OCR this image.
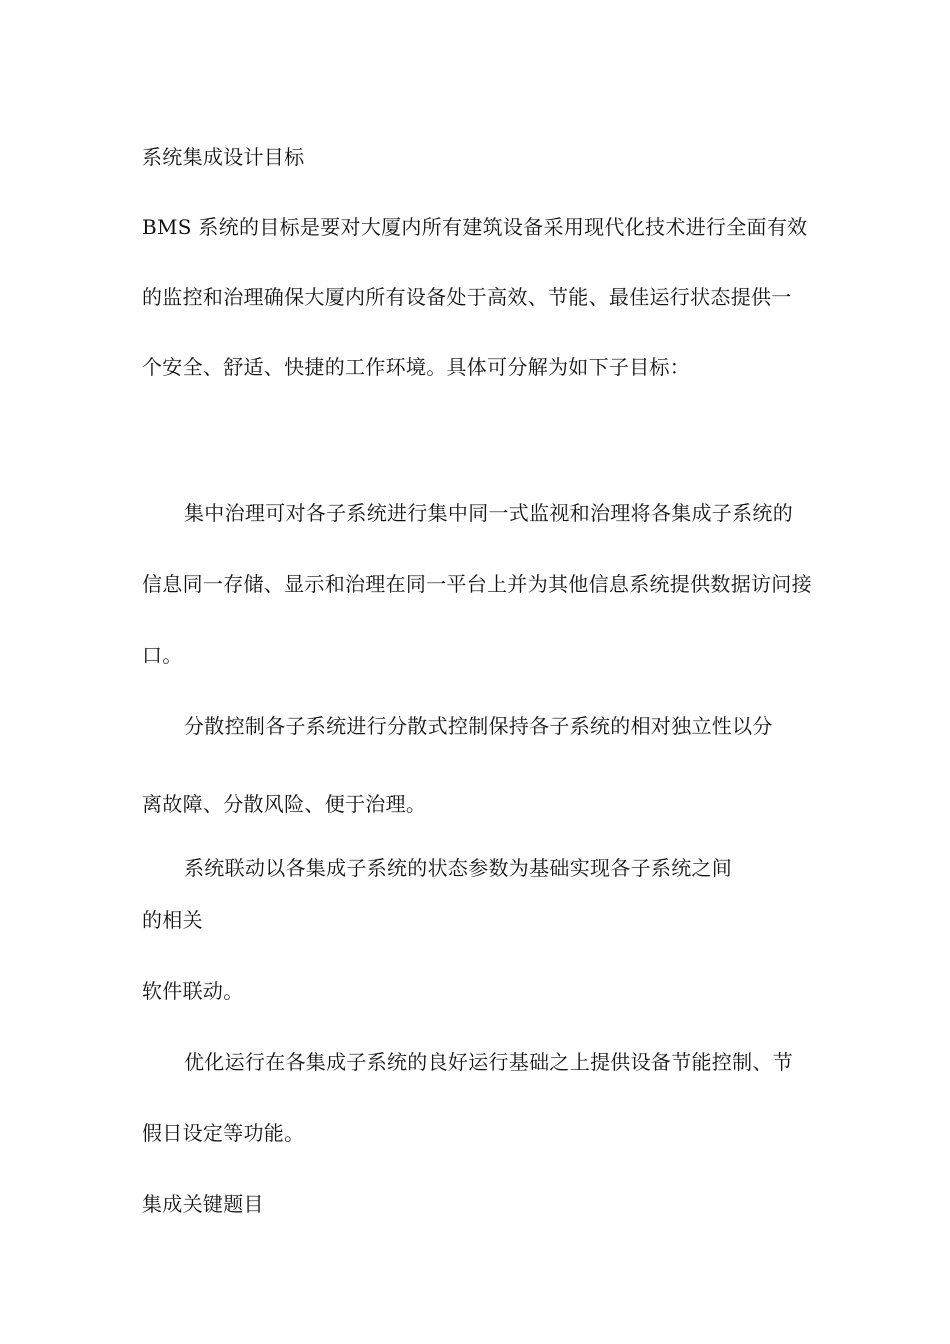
系统集成设计目标
BMS 系统的目标是要对大厦内所有建筑设备采用现代化技术进行全面有效
的监控和治理确保大厦内所有设备处于高效、节能、最佳运行状态提供一
个安全、舒适、快捷的工作环境。具体可分解为如下子目标：
集中治理可对各子系统进行集中同一式监视和治理将各集成子系统的
信息同一存储、显示和治理在同一平台上并为其他信息系统提供数据访问接
口。
分散控制各子系统进行分散式控制保持各子系统的相对独立性以分
离故障、分散风险、便于治理。
系统联动以各集成子系统的状态参数为基础实现各子系统之间
的相关
软件联动。
优化运行在各集成子系统的良好运行基础之上提供设备节能控制、节
假日设定等功能。
集成关键题目
